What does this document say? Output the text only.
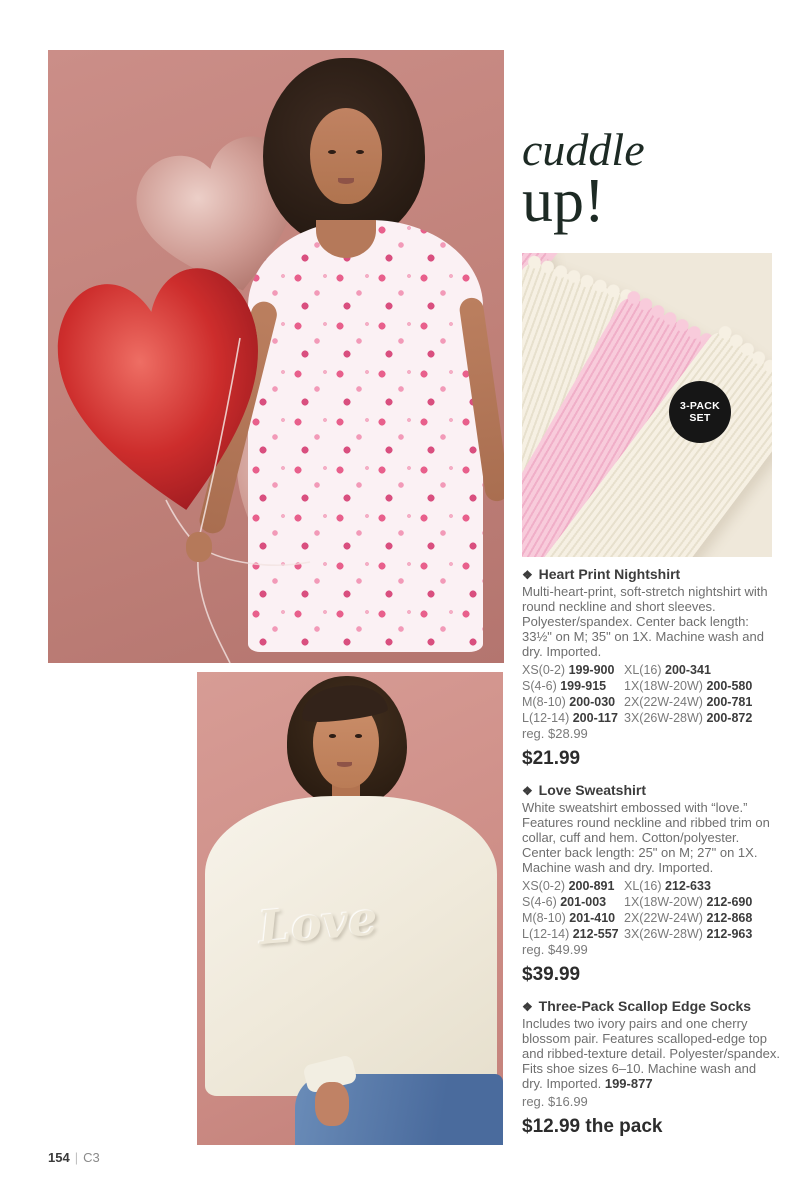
cuddle
up!
3-PACK
SET
Love
❖ Heart Print Nightshirt

Multi-heart-print, soft-stretch nightshirt with round neckline and short sleeves. Polyester/spandex. Center back length: 33½" on M; 35" on 1X. Machine wash and dry. Imported.

XS(0-2) 199-900 XL(16) 200-341
S(4-6) 199-915	1X(18W-20W) 200-580
M(8-10) 200-030 2X(22W-24W) 200-781
L(12-14) 200-117 3X(26W-28W) 200-872
reg. $28.99
$21.99
❖ Love Sweatshirt

White sweatshirt embossed with “love.” Features round neckline and ribbed trim on collar, cuff and hem. Cotton/polyester. Center back length: 25" on M; 27" on 1X. Machine wash and dry. Imported.

XS(0-2) 200-891 XL(16) 212-633
S(4-6) 201-003	1X(18W-20W) 212-690
M(8-10) 201-410 2X(22W-24W) 212-868
L(12-14) 212-557 3X(26W-28W) 212-963
reg. $49.99
$39.99
❖ Three-Pack Scallop Edge Socks

Includes two ivory pairs and one cherry blossom pair. Features scalloped-edge top and ribbed-texture detail. Polyester/spandex. Fits shoe sizes 6–10. Machine wash and dry. Imported. 199-877

reg. $16.99
$12.99 the pack
154 | C3
